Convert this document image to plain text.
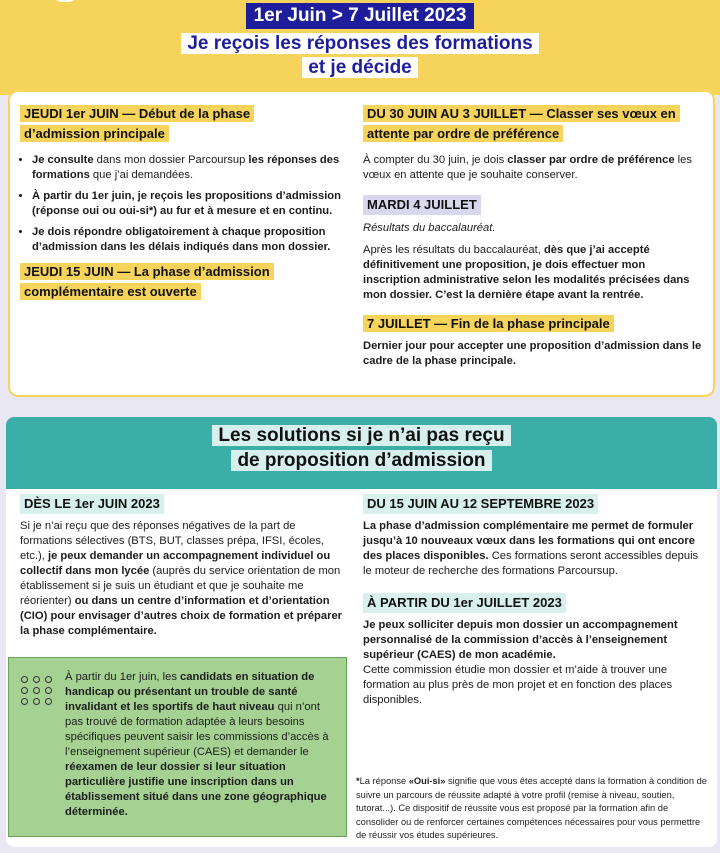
1er Juin > 7 Juillet 2023
Je reçois les réponses des formations
et je décide
JEUDI 1er JUIN — Début de la phase d’admission principale
• Je consulte dans mon dossier Parcoursup les réponses des formations que j’ai demandées.
• À partir du 1er juin, je reçois les propositions d’admission (réponse oui ou oui-si*) au fur et à mesure et en continu.
• Je dois répondre obligatoirement à chaque proposition d’admission dans les délais indiqués dans mon dossier.
JEUDI 15 JUIN — La phase d’admission complémentaire est ouverte
DU 30 JUIN AU 3 JUILLET — Classer ses vœux en attente par ordre de préférence

À compter du 30 juin, je dois classer par ordre de préférence les vœux en attente que je souhaite conserver.

MARDI 4 JUILLET

Résultats du baccalauréat.

Après les résultats du baccalauréat, dès que j’ai accepté définitivement une proposition, je dois effectuer mon inscription administrative selon les modalités précisées dans mon dossier. C’est la dernière étape avant la rentrée.

7 JUILLET — Fin de la phase principale

Dernier jour pour accepter une proposition d’admission dans le cadre de la phase principale.

Les solutions si je n’ai pas reçu
de proposition d’admission
DÈS LE 1er JUIN 2023

Si je n’ai reçu que des réponses négatives de la part de formations sélectives (BTS, BUT, classes prépa, IFSI, écoles, etc.), je peux demander un accompagnement individuel ou collectif dans mon lycée (auprès du service orientation de mon établissement si je suis un étudiant et que je souhaite me réorienter) ou dans un centre d’information et d’orientation (CIO) pour envisager d’autres choix de formation et préparer la phase complémentaire.

À partir du 1er juin, les candidats en situation de handicap ou présentant un trouble de santé invalidant et les sportifs de haut niveau qui n’ont pas trouvé de formation adaptée à leurs besoins spécifiques peuvent saisir les commissions d’accès à l’enseignement supérieur (CAES) et demander le réexamen de leur dossier si leur situation particulière justifie une inscription dans un établissement situé dans une zone géographique déterminée.

DU 15 JUIN AU 12 SEPTEMBRE 2023

La phase d’admission complémentaire me permet de formuler jusqu’à 10 nouveaux vœux dans les formations qui ont encore des places disponibles. Ces formations seront accessibles depuis le moteur de recherche des formations Parcoursup.

À PARTIR DU 1er JUILLET 2023

Je peux solliciter depuis mon dossier un accompagnement personnalisé de la commission d’accès à l’enseignement supérieur (CAES) de mon académie.

Cette commission étudie mon dossier et m’aide à trouver une formation au plus près de mon projet et en fonction des places disponibles.

*La réponse «Oui-si» signifie que vous êtes accepté dans la formation à condition de suivre un parcours de réussite adapté à votre profil (remise à niveau, soutien, tutorat...). Ce dispositif de réussite vous est proposé par la formation afin de consolider ou de renforcer certaines compétences nécessaires pour vous permettre de réussir vos études supérieures.
